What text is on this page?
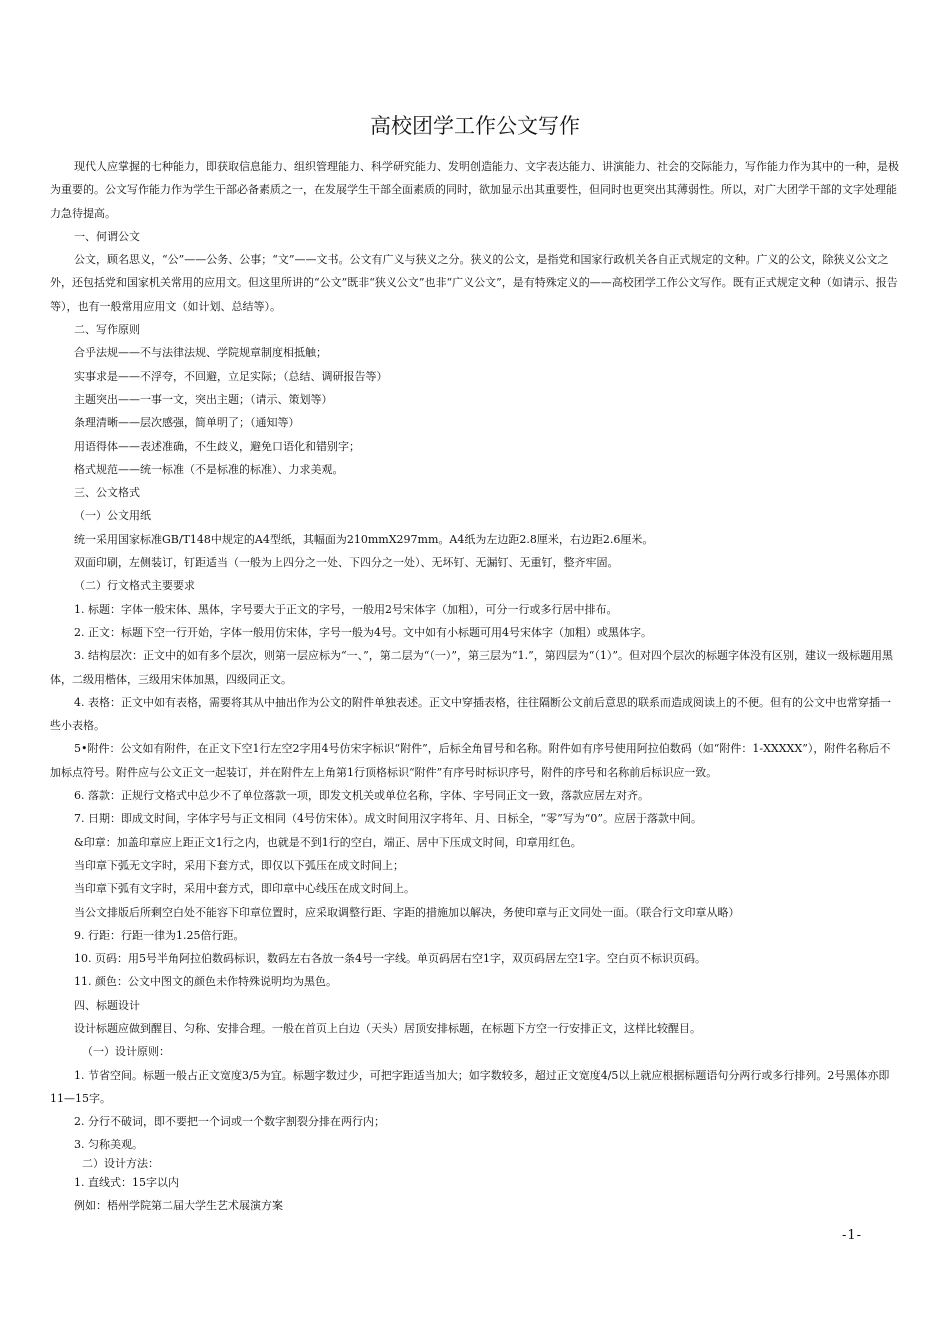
高校团学工作公文写作

现代人应掌握的七种能力，即获取信息能力、组织管理能力、科学研究能力、发明创造能力、文字表达能力、讲演能力、社会的交际能力，写作能力作为其中的一种，是极为重要的。公文写作能力作为学生干部必备素质之一，在发展学生干部全面素质的同时，欲加显示出其重要性，但同时也更突出其薄弱性。所以，对广大团学干部的文字处理能力急待提高。

一、何谓公文

公文，顾名思义，“公”——公务、公事；“文”——文书。公文有广义与狭义之分。狭义的公文，是指党和国家行政机关各自正式规定的文种。广义的公文，除狭义公文之外，还包括党和国家机关常用的应用文。但这里所讲的“公文”既非“狭义公文”也非“广义公文”，是有特殊定义的——高校团学工作公文写作。既有正式规定文种（如请示、报告等），也有一般常用应用文（如计划、总结等）。

二、写作原则

合乎法规——不与法律法规、学院规章制度相抵触；

实事求是——不浮夸，不回避，立足实际；（总结、调研报告等）

主题突出——一事一文，突出主题；（请示、策划等）

条理清晰——层次感强，简单明了；（通知等）

用语得体——表述准确，不生歧义，避免口语化和错别字；

格式规范——统一标准（不是标准的标准）、力求美观。

三、公文格式

（一）公文用纸

统一采用国家标准GB/T148中规定的A4型纸，其幅面为210mmX297mm。A4纸为左边距2.8厘米，右边距2.6厘米。

双面印刷，左侧装订，钉距适当（一般为上四分之一处、下四分之一处）、无坏钉、无漏钉、无重钉，整齐牢固。

（二）行文格式主要要求

1. 标题：字体一般宋体、黑体，字号要大于正文的字号，一般用2号宋体字（加粗），可分一行或多行居中排布。

2. 正文：标题下空一行开始，字体一般用仿宋体，字号一般为4号。文中如有小标题可用4号宋体字（加粗）或黑体字。

3. 结构层次：正文中的如有多个层次，则第一层应标为“一、”，第二层为“（一）”，第三层为“1.”，第四层为“（1）”。但对四个层次的标题字体没有区别，建议一级标题用黑体，二级用楷体，三级用宋体加黑，四级同正文。

4. 表格：正文中如有表格，需要将其从中抽出作为公文的附件单独表述。正文中穿插表格，往往隔断公文前后意思的联系而造成阅读上的不便。但有的公文中也常穿插一些小表格。

5•附件：公文如有附件，在正文下空1行左空2字用4号仿宋字标识“附件”，后标全角冒号和名称。附件如有序号使用阿拉伯数码（如“附件：1-XXXXX”），附件名称后不加标点符号。附件应与公文正文一起装订，并在附件左上角第1行顶格标识“附件”有序号时标识序号，附件的序号和名称前后标识应一致。

6. 落款：正规行文格式中总少不了单位落款一项，即发文机关或单位名称，字体、字号同正文一致，落款应居左对齐。

7. 日期：即成文时间，字体字号与正文相同（4号仿宋体）。成文时间用汉字将年、月、日标全，“零”写为“0”。应居于落款中间。

&印章：加盖印章应上距正文1行之内，也就是不到1行的空白，端正、居中下压成文时间，印章用红色。

当印章下弧无文字时，采用下套方式，即仅以下弧压在成文时间上；

当印章下弧有文字时，采用中套方式，即印章中心线压在成文时间上。

当公文排版后所剩空白处不能容下印章位置时，应采取调整行距、字距的措施加以解决，务使印章与正文同处一面。（联合行文印章从略）

9. 行距：行距一律为1.25倍行距。

10. 页码：用5号半角阿拉伯数码标识，数码左右各放一条4号一字线。单页码居右空1字，双页码居左空1字。空白页不标识页码。

11. 颜色：公文中图文的颜色未作特殊说明均为黑色。

四、标题设计

设计标题应做到醒目、匀称、安排合理。一般在首页上白边（天头）居顶安排标题，在标题下方空一行安排正文，这样比较醒目。

（一）设计原则：

1. 节省空间。标题一般占正文宽度3/5为宜。标题字数过少，可把字距适当加大；如字数较多，超过正文宽度4/5以上就应根据标题语句分两行或多行排列。2号黑体亦即11—15字。

2. 分行不破词，即不要把一个词或一个数字割裂分排在两行内；

3. 匀称美观。

二）设计方法：

1. 直线式：15字以内

例如：梧州学院第二届大学生艺术展演方案

-1-
